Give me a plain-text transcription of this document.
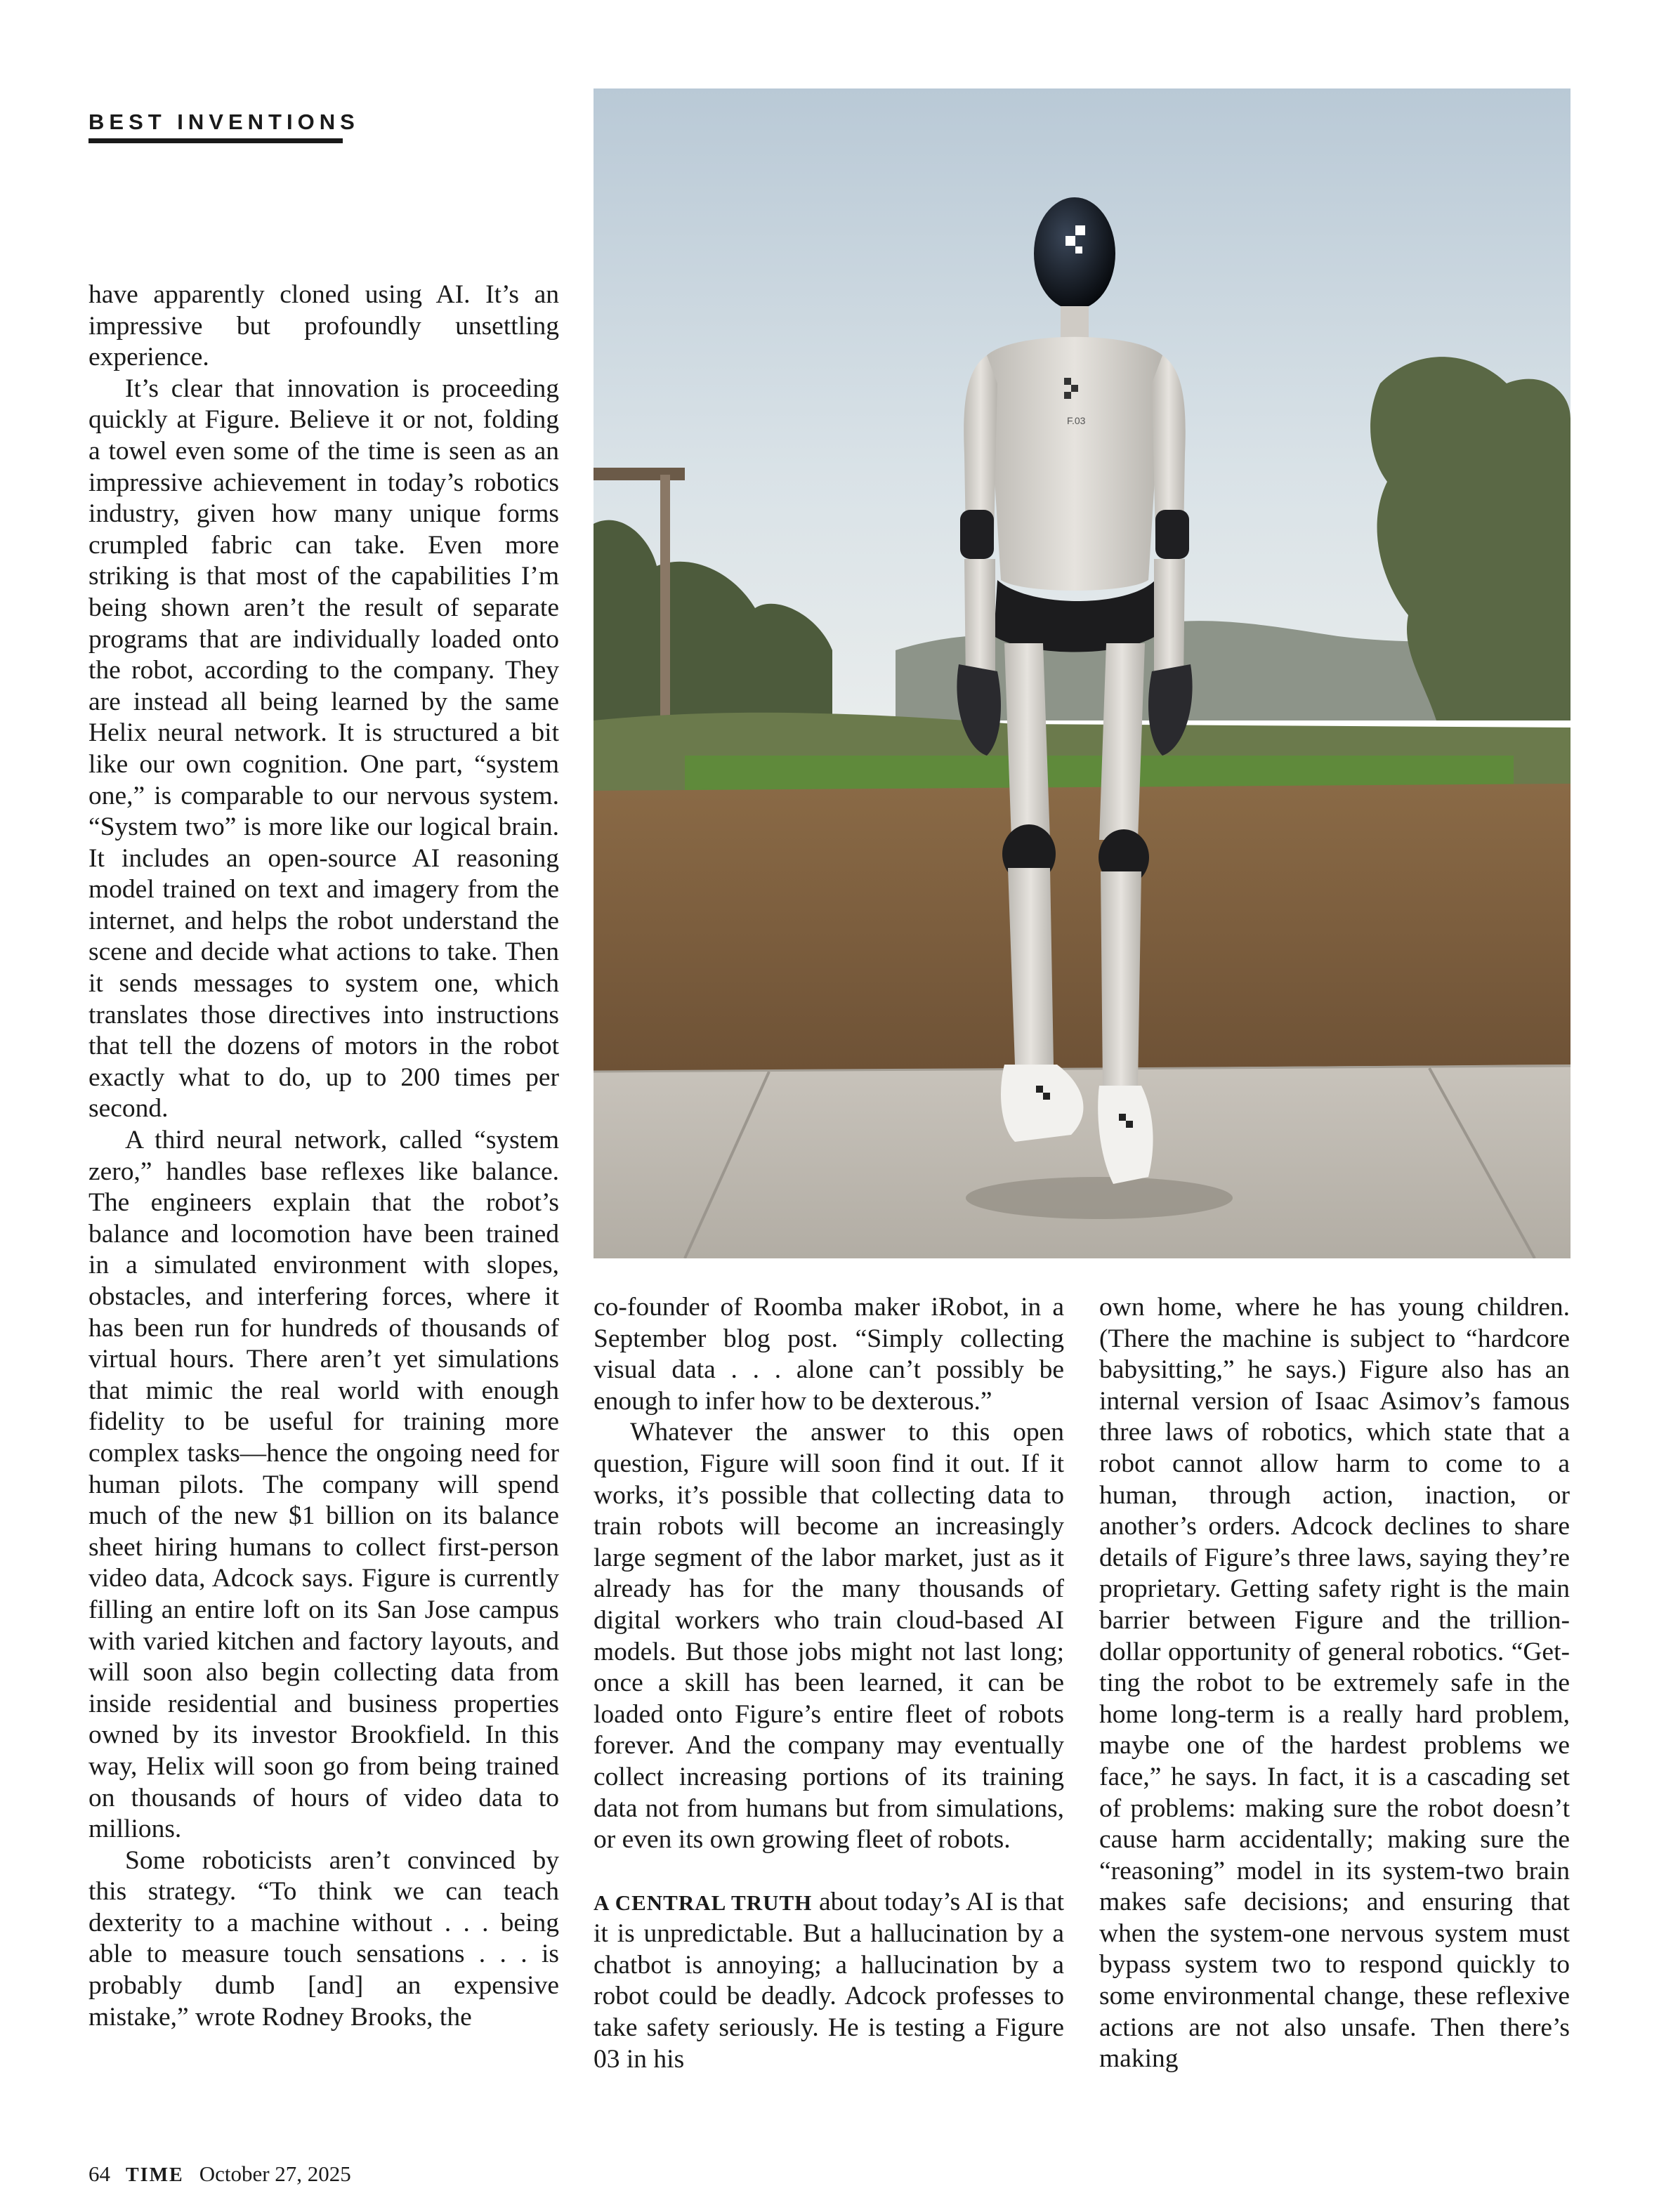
BEST INVENTIONS
F.03

have apparently cloned using AI. It’s an impressive but profoundly unsettling experience.

It’s clear that innovation is proceeding quickly at Figure. Believe it or not, folding a towel even some of the time is seen as an impressive achievement in today’s robotics industry, given how many unique forms crumpled fabric can take. Even more striking is that most of the capabilities I’m being shown aren’t the result of separate programs that are individually loaded onto the robot, according to the company. They are instead all being learned by the same Helix neural network. It is structured a bit like our own cognition. One part, “system one,” is comparable to our nervous system. “System two” is more like our logical brain. It includes an open-source AI reasoning model trained on text and imagery from the internet, and helps the robot understand the scene and decide what actions to take. Then it sends messages to system one, which translates those directives into instructions that tell the dozens of motors in the robot exactly what to do, up to 200 times per second.

A third neural network, called “system zero,” handles base reflexes like balance. The engineers explain that the robot’s balance and locomotion have been trained in a simulated environment with slopes, obstacles, and interfering forces, where it has been run for hundreds of thousands of virtual hours. There aren’t yet simulations that mimic the real world with enough fidelity to be useful for training more complex tasks—hence the ongoing need for human pilots. The company will spend much of the new $1 billion on its balance sheet hiring humans to collect first-person video data, Adcock says. Figure is currently filling an entire loft on its San Jose campus with varied kitchen and factory layouts, and will soon also begin collecting data from inside residential and business properties owned by its investor Brookfield. In this way, Helix will soon go from being trained on thousands of hours of video data to millions.

Some roboticists aren’t convinced by this strategy. “To think we can teach dexterity to a machine without . . . being able to measure touch sensations . . . is probably dumb [and] an expensive mistake,” wrote Rodney Brooks, the

co-founder of Roomba maker iRobot, in a September blog post. “Simply collecting visual data . . . alone can’t possibly be enough to infer how to be dexterous.”

Whatever the answer to this open question, Figure will soon find it out. If it works, it’s possible that collecting data to train robots will become an increasingly large segment of the labor market, just as it already has for the many thousands of digital workers who train cloud-based AI models. But those jobs might not last long; once a skill has been learned, it can be loaded onto Figure’s entire fleet of robots forever. And the company may eventually collect increasing portions of its training data not from humans but from simulations, or even its own growing fleet of robots.

A CENTRAL TRUTH about today’s AI is that it is unpredictable. But a hallucination by a chatbot is annoying; a hallucination by a robot could be deadly. Adcock professes to take safety seriously. He is testing a Figure 03 in his

own home, where he has young children. (There the machine is subject to “hardcore babysitting,” he says.) Figure also has an internal version of Isaac Asimov’s famous three laws of robotics, which state that a robot cannot allow harm to come to a human, through action, inaction, or another’s orders. Adcock declines to share details of Figure’s three laws, saying they’re proprietary. Getting safety right is the main barrier between Figure and the trillion-dollar opportunity of general robotics. “Getting the robot to be extremely safe in the home long-term is a really hard problem, maybe one of the hardest problems we face,” he says. In fact, it is a cascading set of problems: making sure the robot doesn’t cause harm accidentally; making sure the “reasoning” model in its system-two brain makes safe decisions; and ensuring that when the system-one nervous system must bypass system two to respond quickly to some environmental change, these reflexive actions are not also unsafe. Then there’s making

64 TIME October 27, 2025
